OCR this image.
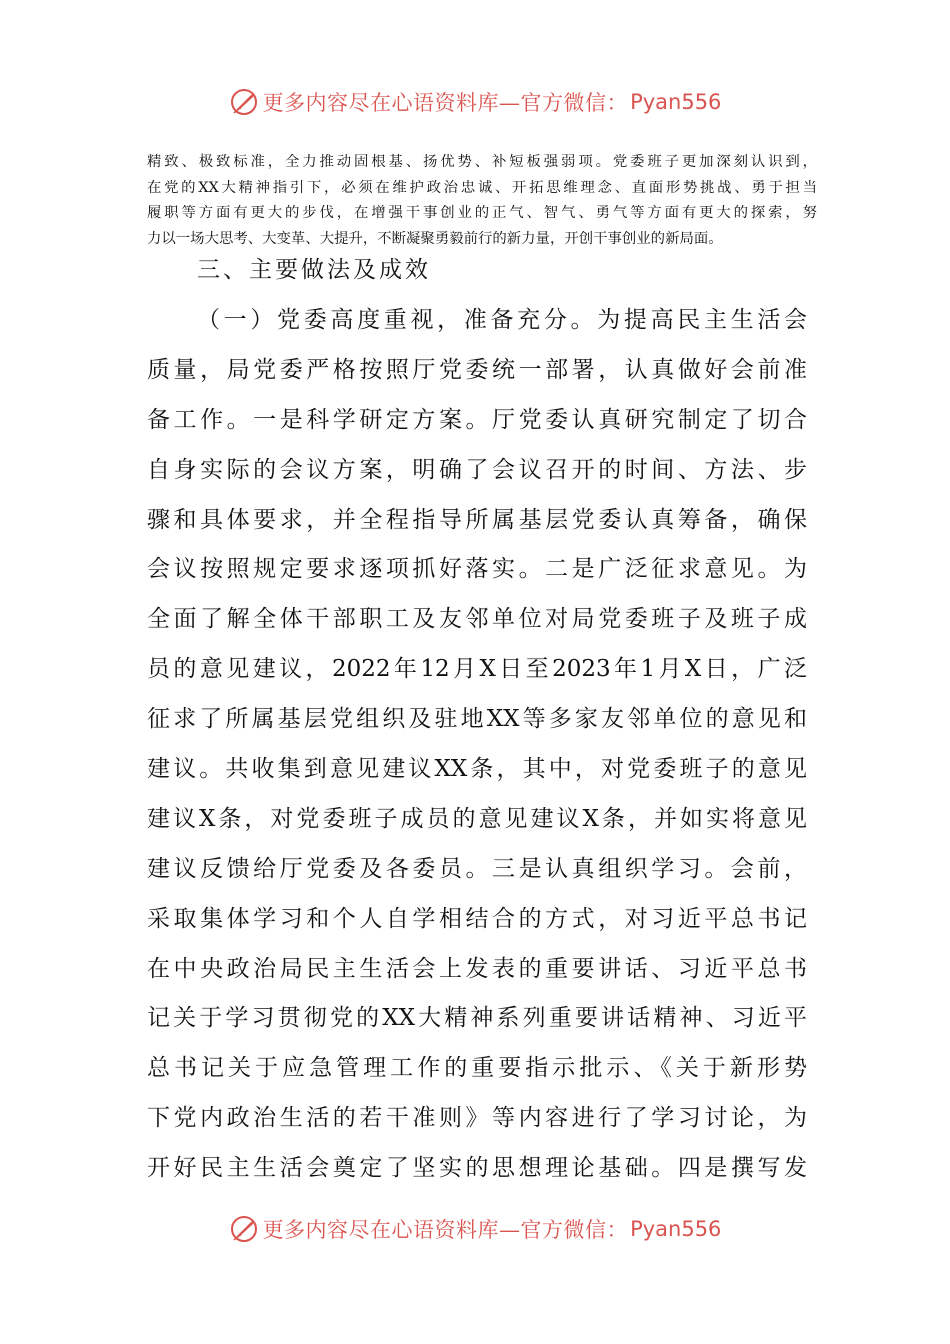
更多内容尽在心语资料库—官方微信： Pyan556

精致、极致标准，全力推动固根基、扬优势、补短板强弱项。党委班子更加深刻认识到，

在党的XX大精神指引下，必须在维护政治忠诚、开拓思维理念、直面形势挑战、勇于担当

履职等方面有更大的步伐，在增强干事创业的正气、智气、勇气等方面有更大的探索，努

力以一场大思考、大变革、大提升，不断凝聚勇毅前行的新力量，开创干事创业的新局面。

三、主要做法及成效
（一）党委高度重视，准备充分。为提高民主生活会
质量，局党委严格按照厅党委统一部署，认真做好会前准
备工作。一是科学研定方案。厅党委认真研究制定了切合
自身实际的会议方案，明确了会议召开的时间、方法、步
骤和具体要求，并全程指导所属基层党委认真筹备，确保
会议按照规定要求逐项抓好落实。二是广泛征求意见。为
全面了解全体干部职工及友邻单位对局党委班子及班子成
员的意见建议，2022年12月X日至2023年1月X日，广泛
征求了所属基层党组织及驻地XX等多家友邻单位的意见和
建议。共收集到意见建议XX条，其中，对党委班子的意见
建议X条，对党委班子成员的意见建议X条，并如实将意见
建议反馈给厅党委及各委员。三是认真组织学习。会前，
采取集体学习和个人自学相结合的方式，对习近平总书记
在中央政治局民主生活会上发表的重要讲话、习近平总书
记关于学习贯彻党的XX大精神系列重要讲话精神、习近平
总书记关于应急管理工作的重要指示批示、《关于新形势
下党内政治生活的若干准则》等内容进行了学习讨论，为
开好民主生活会奠定了坚实的思想理论基础。四是撰写发
更多内容尽在心语资料库—官方微信： Pyan556
